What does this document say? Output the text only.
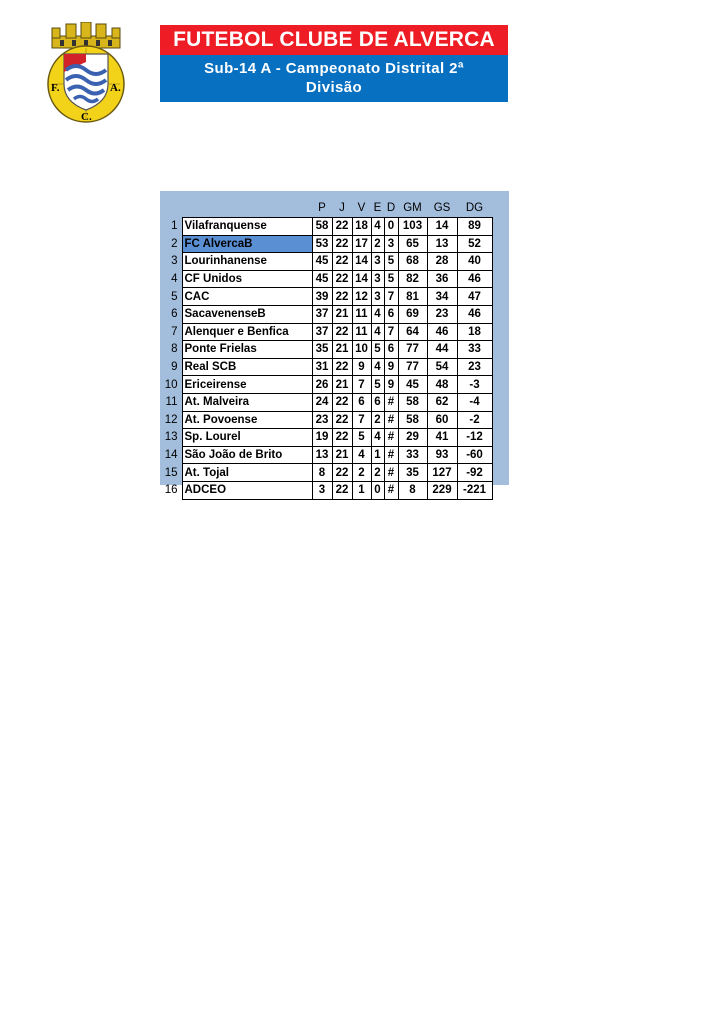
F.	A.
C.
FUTEBOL CLUBE DE ALVERCA
Sub-14 A - Campeonato Distrital 2ª
Divisão
		P	J	V	E	D	GM	GS	DG
1	Vilafranquense	58	22	18	4	0	103	14	89
2	FC AlvercaB	53	22	17	2	3	65	13	52
3	Lourinhanense	45	22	14	3	5	68	28	40
4	CF Unidos	45	22	14	3	5	82	36	46
5	CAC	39	22	12	3	7	81	34	47
6	SacavenenseB	37	21	11	4	6	69	23	46
7	Alenquer e Benfica	37	22	11	4	7	64	46	18
8	Ponte Frielas	35	21	10	5	6	77	44	33
9	Real SCB	31	22	9	4	9	77	54	23
10	Ericeirense	26	21	7	5	9	45	48	-3
11	At. Malveira	24	22	6	6	#	58	62	-4
12	At. Povoense	23	22	7	2	#	58	60	-2
13	Sp. Lourel	19	22	5	4	#	29	41	-12
14	São João de Brito	13	21	4	1	#	33	93	-60
15	At. Tojal	8	22	2	2	#	35	127	-92
16	ADCEO	3	22	1	0	#	8	229	-221
